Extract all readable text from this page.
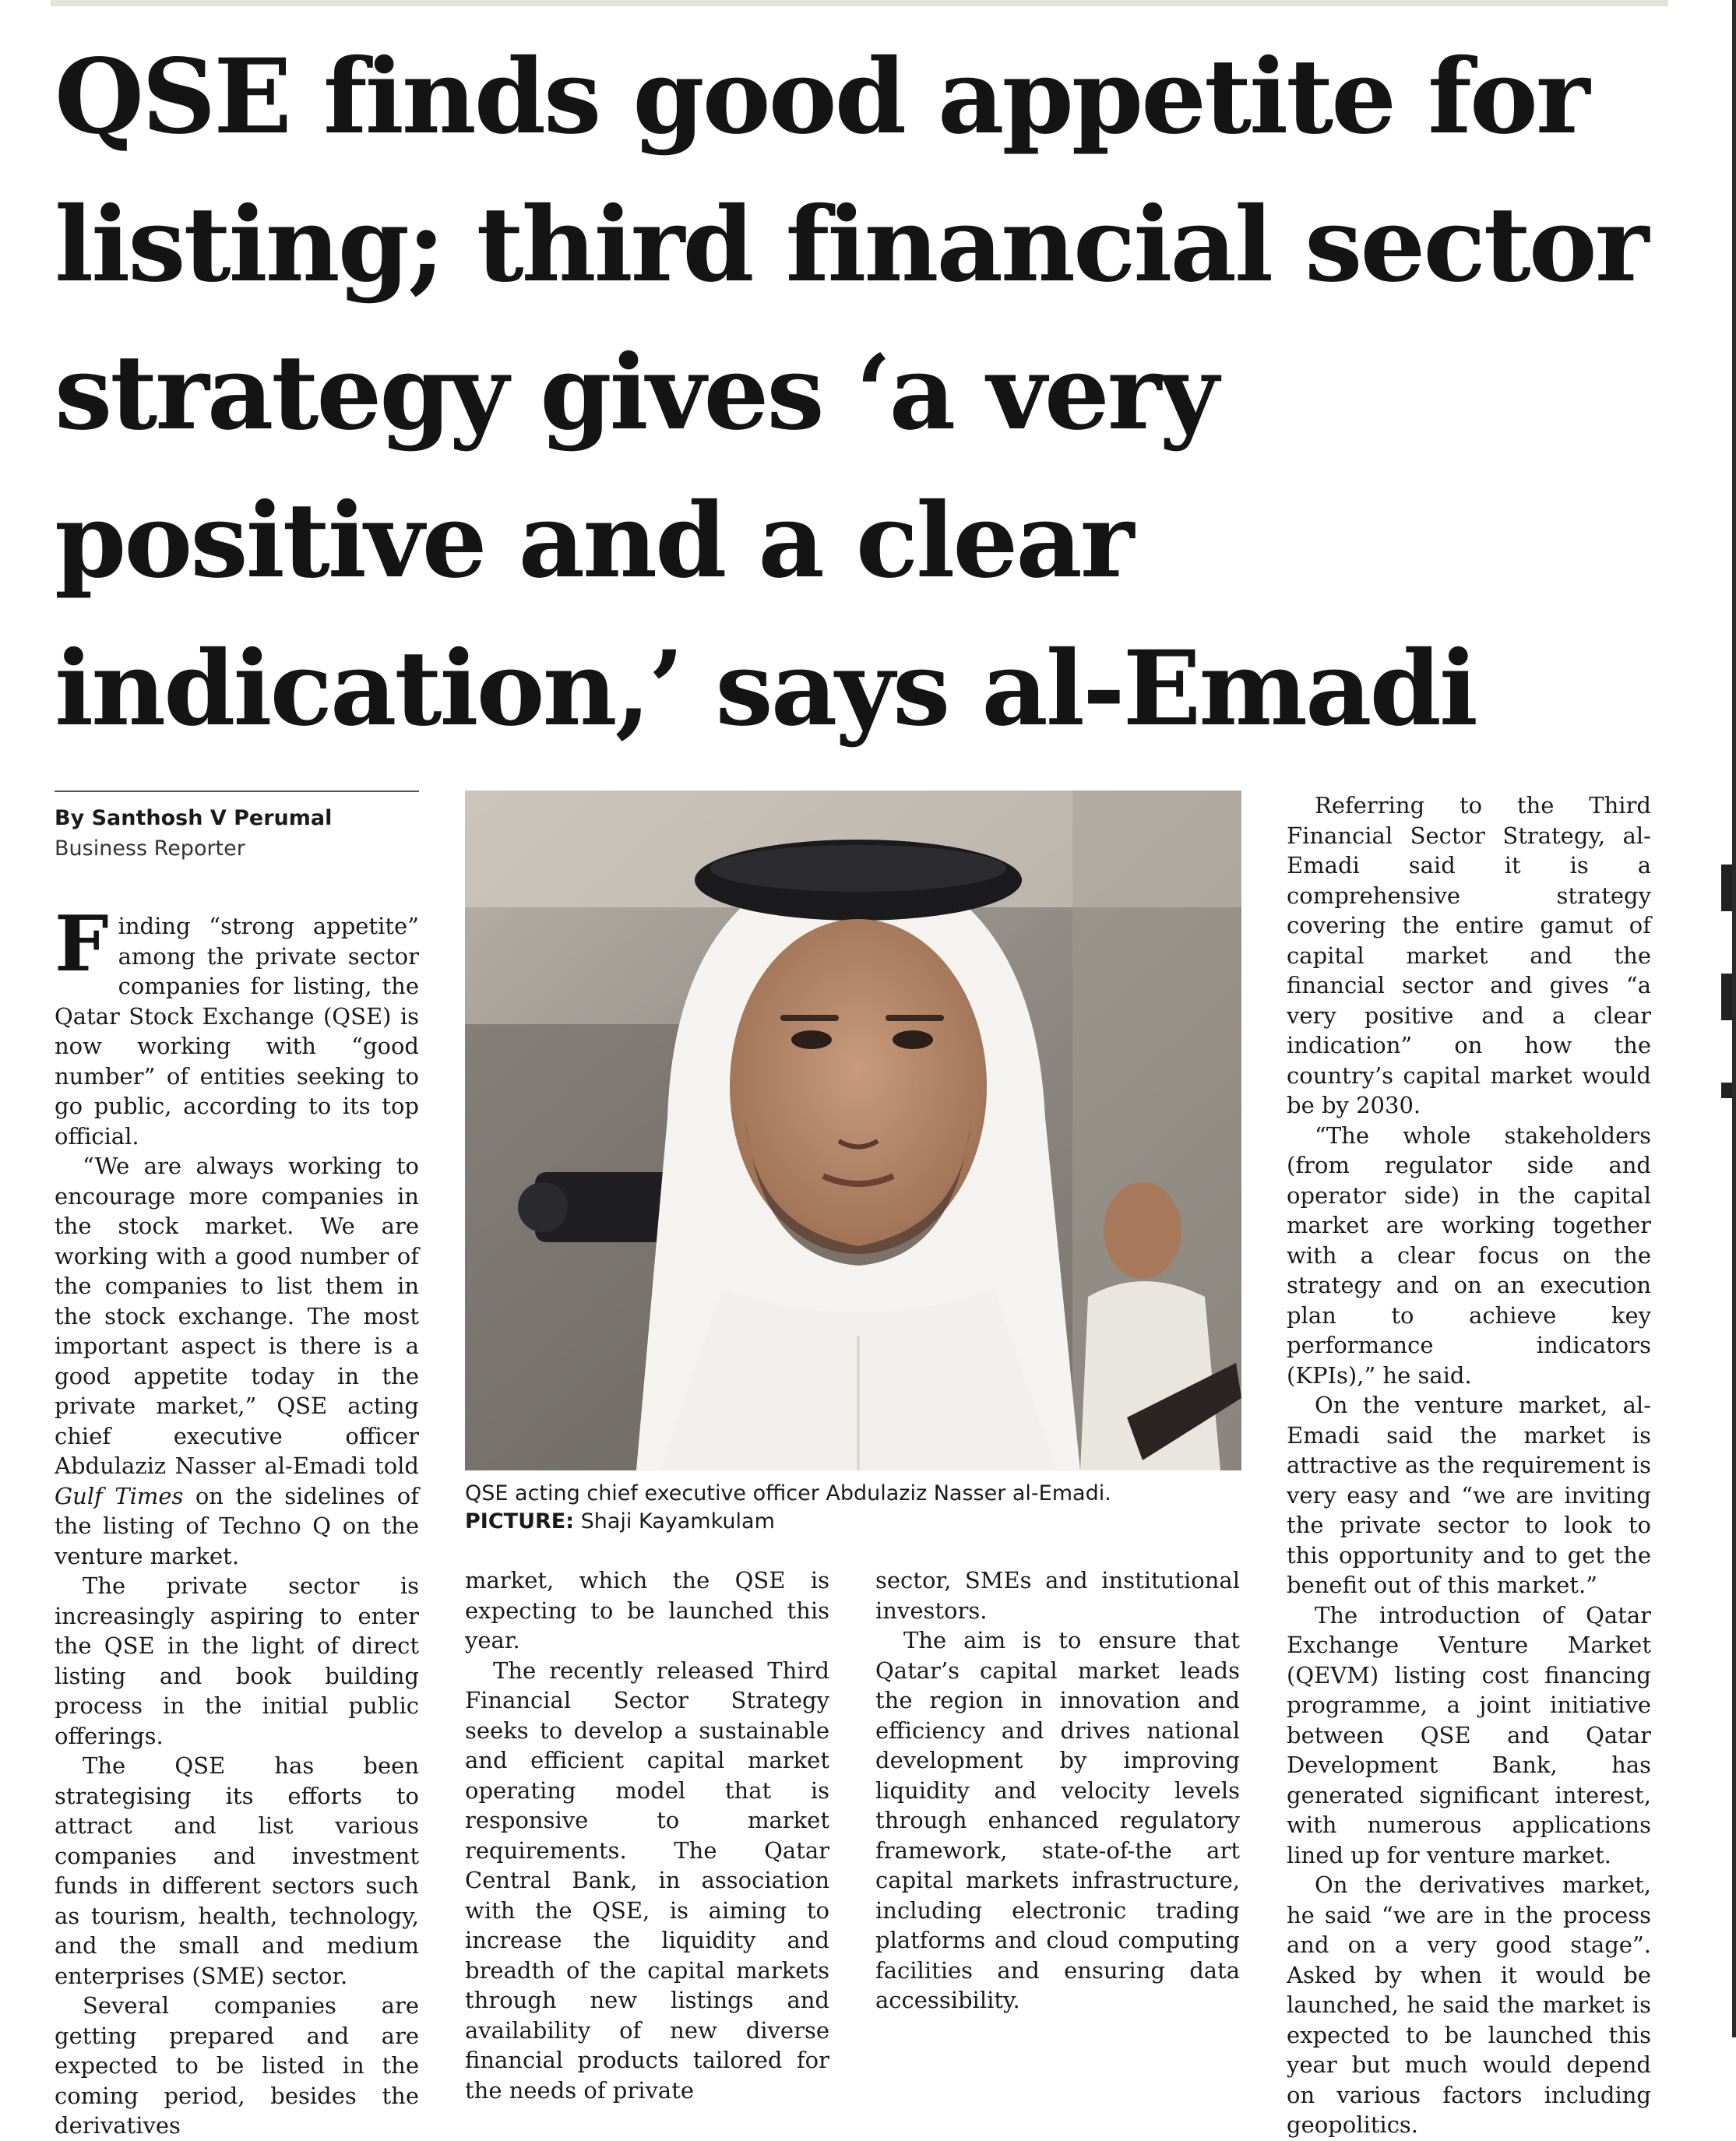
QSE finds good appetite for listing; third financial sector strategy gives ‘a very positive and a clear indication,’ says al-Emadi

By Santhosh V Perumal

Business Reporter

Finding “strong appetite” among the private sector companies for listing, the Qatar Stock Exchange (QSE) is now working with “good number” of entities seeking to go public, according to its top official.

“We are always working to encourage more companies in the stock market. We are working with a good number of the companies to list them in the stock exchange. The most important aspect is there is a good appetite today in the private market,” QSE acting chief executive officer Abdulaziz Nasser al-Emadi told Gulf Times on the sidelines of the listing of Techno Q on the venture market.

The private sector is increasingly aspiring to enter the QSE in the light of direct listing and book building process in the initial public offerings.

The QSE has been strategising its efforts to attract and list various companies and investment funds in different sectors such as tourism, health, technology, and the small and medium enterprises (SME) sector.

Several companies are getting prepared and are expected to be listed in the coming period, besides the derivatives

QSE acting chief executive officer Abdulaziz Nasser al-Emadi.

PICTURE: Shaji Kayamkulam

market, which the QSE is expecting to be launched this year.

The recently released Third Financial Sector Strategy seeks to develop a sustainable and efficient capital market operating model that is responsive to market requirements. The Qatar Central Bank, in association with the QSE, is aiming to increase the liquidity and breadth of the capital markets through new listings and availability of new diverse financial products tailored for the needs of private

sector, SMEs and institutional investors.

The aim is to ensure that Qatar’s capital market leads the region in innovation and efficiency and drives national development by improving liquidity and velocity levels through enhanced regulatory framework, state-of-the art capital markets infrastructure, including electronic trading platforms and cloud computing facilities and ensuring data accessibility.

Referring to the Third Financial Sector Strategy, al-Emadi said it is a comprehensive strategy covering the entire gamut of capital market and the financial sector and gives “a very positive and a clear indication” on how the country’s capital market would be by 2030.

“The whole stakeholders (from regulator side and operator side) in the capital market are working together with a clear focus on the strategy and on an execution plan to achieve key performance indicators (KPIs),” he said.

On the venture market, al-Emadi said the market is attractive as the requirement is very easy and “we are inviting the private sector to look to this opportunity and to get the benefit out of this market.”

The introduction of Qatar Exchange Venture Market (QEVM) listing cost financing programme, a joint initiative between QSE and Qatar Development Bank, has generated significant interest, with numerous applications lined up for venture market.

On the derivatives market, he said “we are in the process and on a very good stage”. Asked by when it would be launched, he said the market is expected to be launched this year but much would depend on various factors including geopolitics.
